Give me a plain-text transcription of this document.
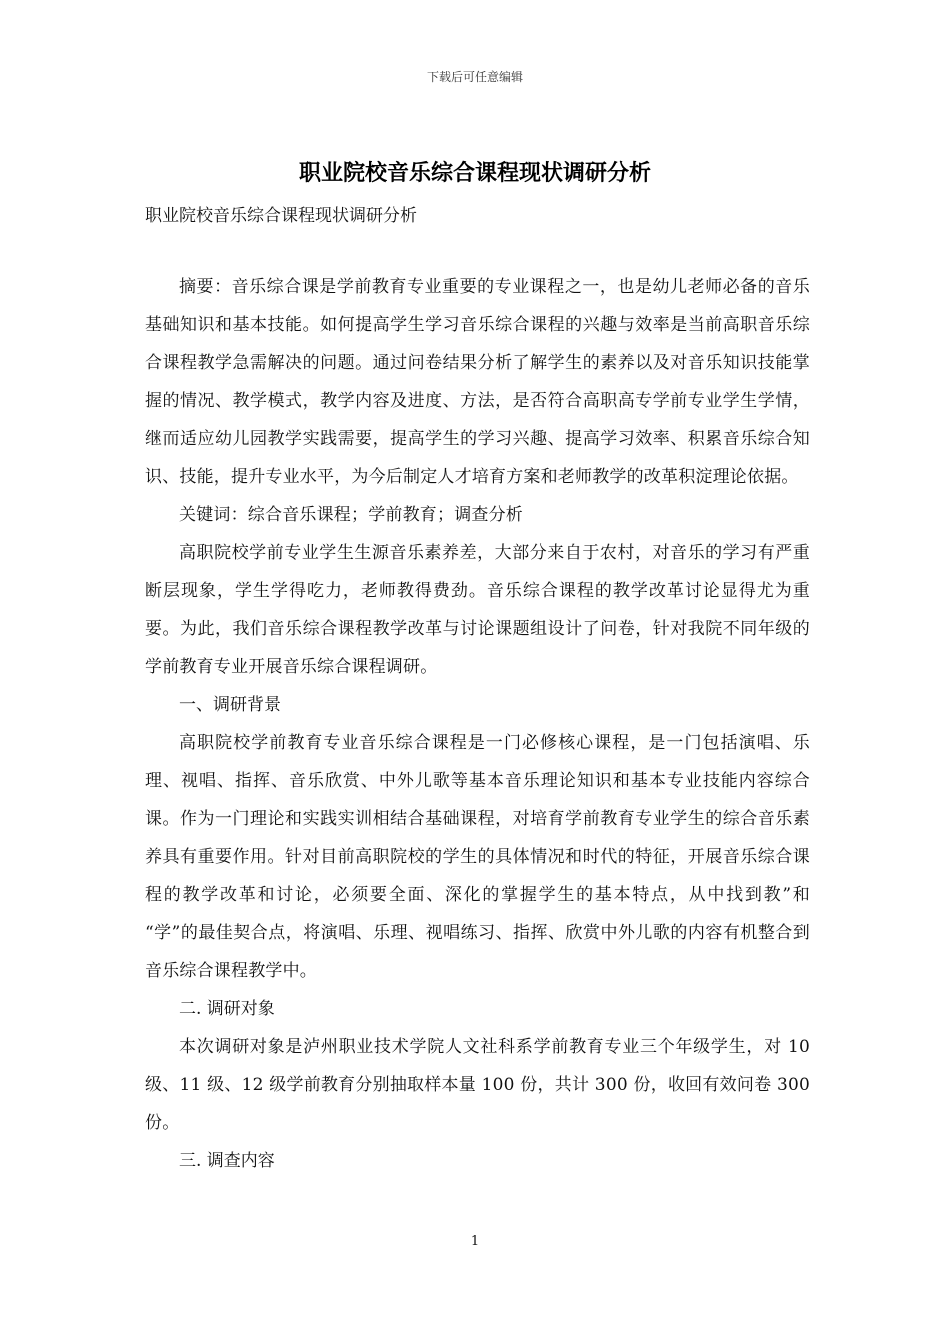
下载后可任意编辑
职业院校音乐综合课程现状调研分析
职业院校音乐综合课程现状调研分析

摘要：音乐综合课是学前教育专业重要的专业课程之一，也是幼儿老师必备的音乐基础知识和基本技能。如何提高学生学习音乐综合课程的兴趣与效率是当前高职音乐综合课程教学急需解决的问题。通过问卷结果分析了解学生的素养以及对音乐知识技能掌握的情况、教学模式，教学内容及进度、方法，是否符合高职高专学前专业学生学情，继而适应幼儿园教学实践需要，提高学生的学习兴趣、提高学习效率、积累音乐综合知识、技能，提升专业水平，为今后制定人才培育方案和老师教学的改革积淀理论依据。

关键词：综合音乐课程；学前教育；调查分析

高职院校学前专业学生生源音乐素养差，大部分来自于农村，对音乐的学习有严重断层现象，学生学得吃力，老师教得费劲。音乐综合课程的教学改革讨论显得尤为重要。为此，我们音乐综合课程教学改革与讨论课题组设计了问卷，针对我院不同年级的学前教育专业开展音乐综合课程调研。

一、调研背景

高职院校学前教育专业音乐综合课程是一门必修核心课程，是一门包括演唱、乐理、视唱、指挥、音乐欣赏、中外儿歌等基本音乐理论知识和基本专业技能内容综合课。作为一门理论和实践实训相结合基础课程，对培育学前教育专业学生的综合音乐素养具有重要作用。针对目前高职院校的学生的具体情况和时代的特征，开展音乐综合课程的教学改革和讨论，必须要全面、深化的掌握学生的基本特点，从中找到教”和 “学”的最佳契合点，将演唱、乐理、视唱练习、指挥、欣赏中外儿歌的内容有机整合到音乐综合课程教学中。

二. 调研对象

本次调研对象是泸州职业技术学院人文社科系学前教育专业三个年级学生，对 10 级、11 级、12 级学前教育分别抽取样本量 100 份，共计 300 份，收回有效问卷 300 份。

三. 调查内容

1
